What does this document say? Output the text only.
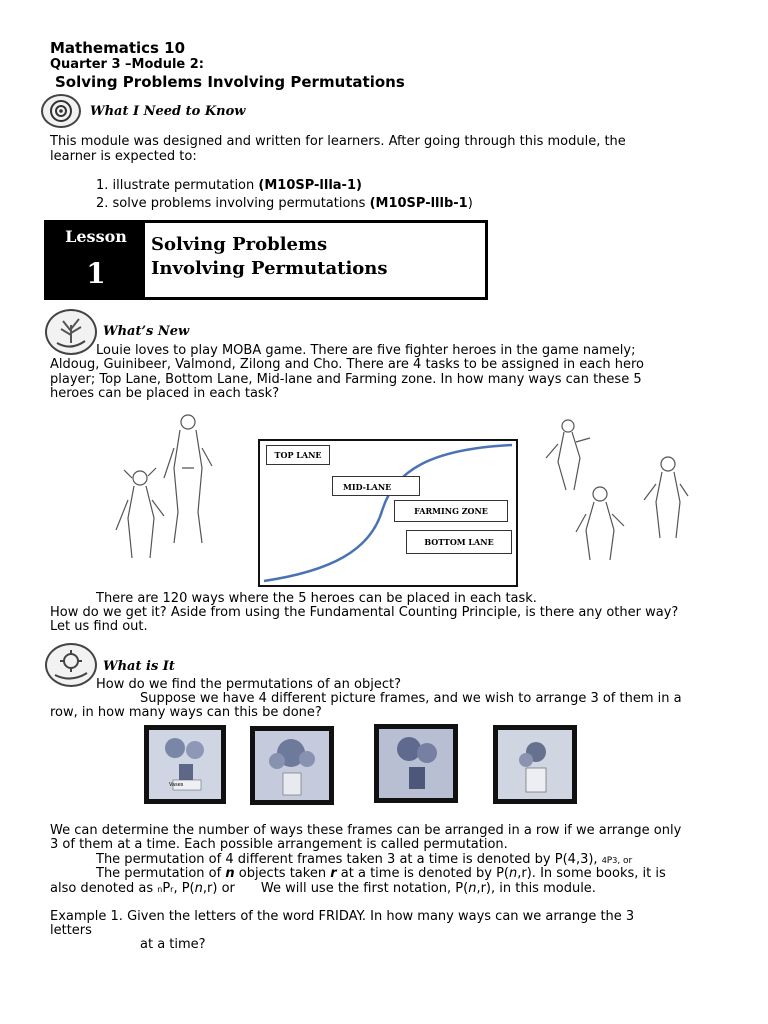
Mathematics 10
Quarter 3 –Module 2:
Solving Problems Involving Permutations
What I Need to Know
This module was designed and written for learners. After going through this module, the
learner is expected to:
1. illustrate permutation (M10SP-llla-1)
2. solve problems involving permutations (M10SP-lllb-1)
Lesson
1
Solving Problems
Involving Permutations
What’s New
Louie loves to play MOBA game. There are five fighter heroes in the game namely;
Aldoug, Guinibeer, Valmond, Zilong and Cho. There are 4 tasks to be assigned in each hero
player; Top Lane, Bottom Lane, Mid-lane and Farming zone. In how many ways can these 5
heroes can be placed in each task?
TOP LANE
MID-LANE
FARMING ZONE
BOTTOM LANE
There are 120 ways where the 5 heroes can be placed in each task.
How do we get it? Aside from using the Fundamental Counting Principle, is there any other way?
Let us find out.
What is It
How do we find the permutations of an object?
Suppose we have 4 different picture frames, and we wish to arrange 3 of them in a
row, in how many ways can this be done?
Vases
We can determine the number of ways these frames can be arranged in a row if we arrange only
3 of them at a time. Each possible arrangement is called permutation.
The permutation of 4 different frames taken 3 at a time is denoted by P(4,3), 4P3, or
The permutation of n objects taken r at a time is denoted by P(n,r). In some books, it is
also denoted as nPr, P(n,r) or We will use the first notation, P(n,r), in this module.
Example 1. Given the letters of the word FRIDAY. In how many ways can we arrange the 3
letters
at a time?
